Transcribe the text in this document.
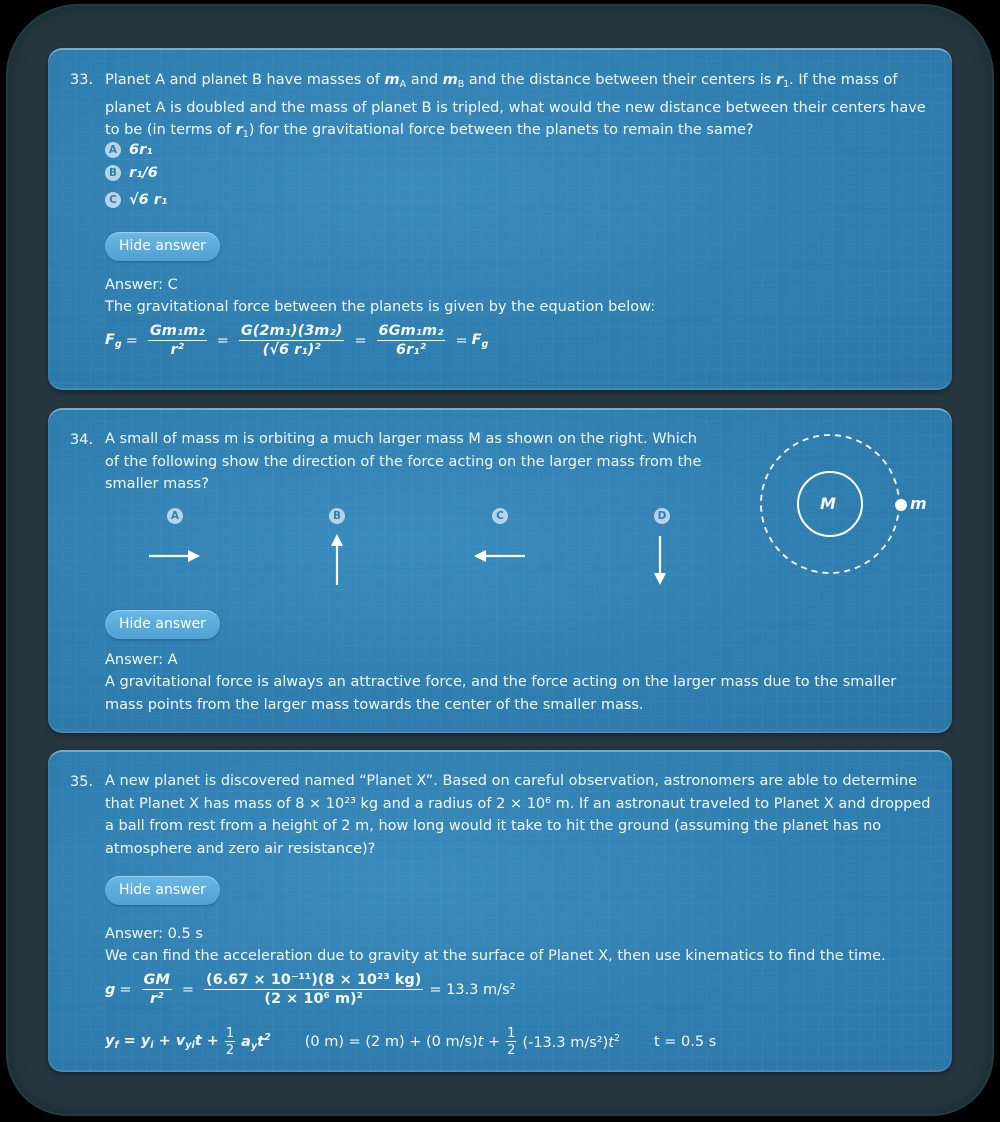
33. Planet A and planet B have masses of $m_A$ and $m_B$ and the distance between their centers is $r_1$. If the mass of
planet A is doubled and the mass of planet B is tripled, what would the new distance between their centers have
to be (in terms of $r_1$) for the gravitational force between the planets to remain the same?
A 6r₁
B r₁/6
C √6 r₁
Hide answer
Answer: C
The gravitational force between the planets is given by the equation below:
$F_g = \frac{\text{Gm₁m₂}}{\text{r²}} = \frac{\text{G(2m₁)(3m₂)}}{\text{(√6 r₁)²}} = \frac{\text{6Gm₁m₂}}{\text{6r₁²}} = F_g$
34. A small of mass m is orbiting a much larger mass M as shown on the right. Which
of the following show the direction of the force acting on the larger mass from the
smaller mass?
A	B	C	D
M	m
Hide answer
Answer: A
A gravitational force is always an attractive force, and the force acting on the larger mass due to the smaller
mass points from the larger mass towards the center of the smaller mass.
35. A new planet is discovered named “Planet X”. Based on careful observation, astronomers are able to determine
that Planet X has mass of 8 × 10²³ kg and a radius of 2 × 10⁶ m. If an astronaut traveled to Planet X and dropped
a ball from rest from a height of 2 m, how long would it take to hit the ground (assuming the planet has no
atmosphere and zero air resistance)?
Hide answer
Answer: 0.5 s
We can find the acceleration due to gravity at the surface of Planet X, then use kinematics to find the time.
$g = \frac{GM}{\text{r²}} = \frac{\text{(6.67 × 10⁻¹¹)(8 × 10²³ kg)}}{\text{(2 × 10⁶ m)²}} = 13.3$ m/s²
$y_f = y_i + v_{yi}t + \frac{1}{2} a_yt^2$ (0 m) = (2 m) + (0 $m/s)t + \frac{1}{2} (-13.3$ $m/s^2)t^2$ t = 0.5 s
